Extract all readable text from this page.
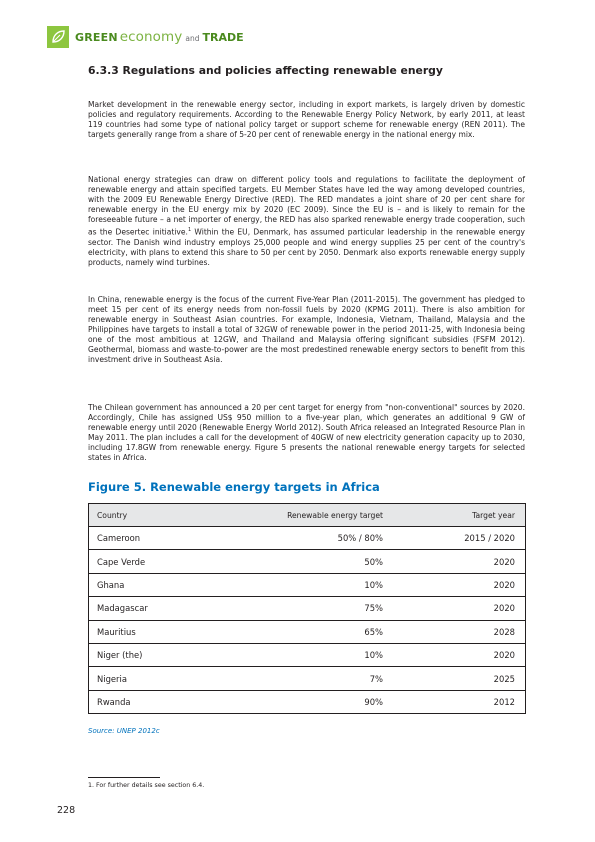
GREEN economy and TRADE
6.3.3 Regulations and policies affecting renewable energy

Market development in the renewable energy sector, including in export markets, is largely driven by domestic policies and regulatory requirements. According to the Renewable Energy Policy Network, by early 2011, at least 119 countries had some type of national policy target or support scheme for renewable energy (REN 2011). The targets generally range from a share of 5-20 per cent of renewable energy in the national energy mix.

National energy strategies can draw on different policy tools and regulations to facilitate the deployment of renewable energy and attain specified targets. EU Member States have led the way among developed countries, with the 2009 EU Renewable Energy Directive (RED). The RED mandates a joint share of 20 per cent share for renewable energy in the EU energy mix by 2020 (EC 2009). Since the EU is – and is likely to remain for the foreseeable future – a net importer of energy, the RED has also sparked renewable energy trade cooperation, such as the Desertec initiative.$^1$ Within the EU, Denmark, has assumed particular leadership in the renewable energy sector. The Danish wind industry employs 25,000 people and wind energy supplies 25 per cent of the country's electricity, with plans to extend this share to 50 per cent by 2050. Denmark also exports renewable energy supply products, namely wind turbines.

In China, renewable energy is the focus of the current Five-Year Plan (2011-2015). The government has pledged to meet 15 per cent of its energy needs from non-fossil fuels by 2020 (KPMG 2011). There is also ambition for renewable energy in Southeast Asian countries. For example, Indonesia, Vietnam, Thailand, Malaysia and the Philippines have targets to install a total of 32GW of renewable power in the period 2011-25, with Indonesia being one of the most ambitious at 12GW, and Thailand and Malaysia offering significant subsidies (FSFM 2012). Geothermal, biomass and waste-to-power are the most predestined renewable energy sectors to benefit from this investment drive in Southeast Asia.

The Chilean government has announced a 20 per cent target for energy from "non-conventional" sources by 2020. Accordingly, Chile has assigned US$ 950 million to a five-year plan, which generates an additional 9 GW of renewable energy until 2020 (Renewable Energy World 2012). South Africa released an Integrated Resource Plan in May 2011. The plan includes a call for the development of 40GW of new electricity generation capacity up to 2030, including 17.8GW from renewable energy. Figure 5 presents the national renewable energy targets for selected states in Africa.

Figure 5. Renewable energy targets in Africa
Country	Renewable energy target	Target year
Cameroon	50% / 80%	2015 / 2020
Cape Verde	50%	2020
Ghana	10%	2020
Madagascar	75%	2020
Mauritius	65%	2028
Niger (the)	10%	2020
Nigeria	7%	2025
Rwanda	90%	2012
Source: UNEP 2012c
1. For further details see section 6.4.
228
